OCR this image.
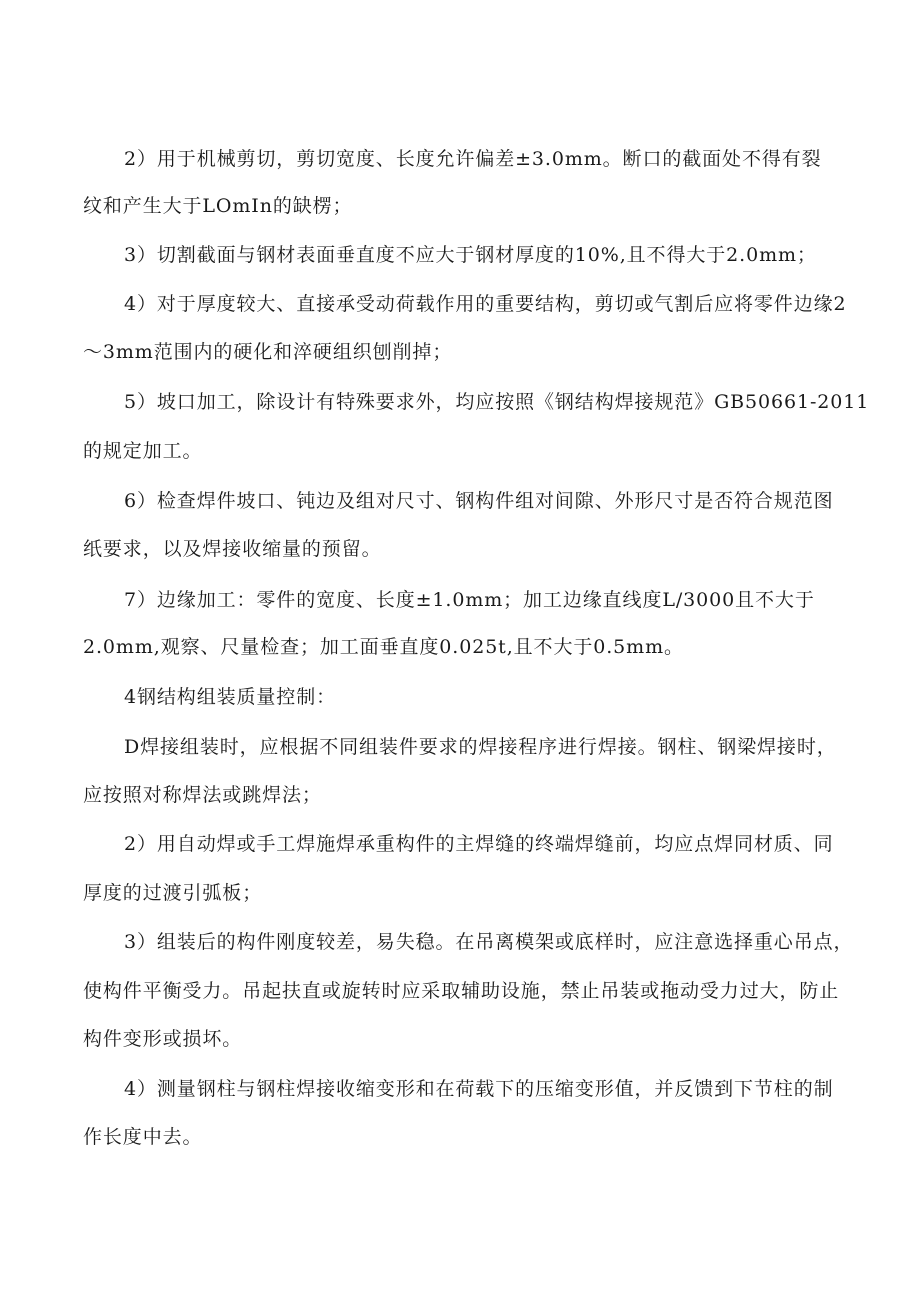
2）用于机械剪切，剪切宽度、长度允许偏差±3.0mm。断口的截面处不得有裂
纹和产生大于LOmIn的缺楞；
3）切割截面与钢材表面垂直度不应大于钢材厚度的10%,且不得大于2.0mm；
4）对于厚度较大、直接承受动荷载作用的重要结构，剪切或气割后应将零件边缘2
～3mm范围内的硬化和淬硬组织刨削掉；
5）坡口加工，除设计有特殊要求外，均应按照《钢结构焊接规范》GB50661-2011
的规定加工。
6）检查焊件坡口、钝边及组对尺寸、钢构件组对间隙、外形尺寸是否符合规范图
纸要求，以及焊接收缩量的预留。
7）边缘加工：零件的宽度、长度±1.0mm；加工边缘直线度L/3000且不大于
2.0mm,观察、尺量检查；加工面垂直度0.025t,且不大于0.5mm。
4钢结构组装质量控制：
D焊接组装时，应根据不同组装件要求的焊接程序进行焊接。钢柱、钢梁焊接时，
应按照对称焊法或跳焊法；
2）用自动焊或手工焊施焊承重构件的主焊缝的终端焊缝前，均应点焊同材质、同
厚度的过渡引弧板；
3）组装后的构件刚度较差，易失稳。在吊离模架或底样时，应注意选择重心吊点，
使构件平衡受力。吊起扶直或旋转时应采取辅助设施，禁止吊装或拖动受力过大，防止
构件变形或损坏。
4）测量钢柱与钢柱焊接收缩变形和在荷载下的压缩变形值，并反馈到下节柱的制
作长度中去。
